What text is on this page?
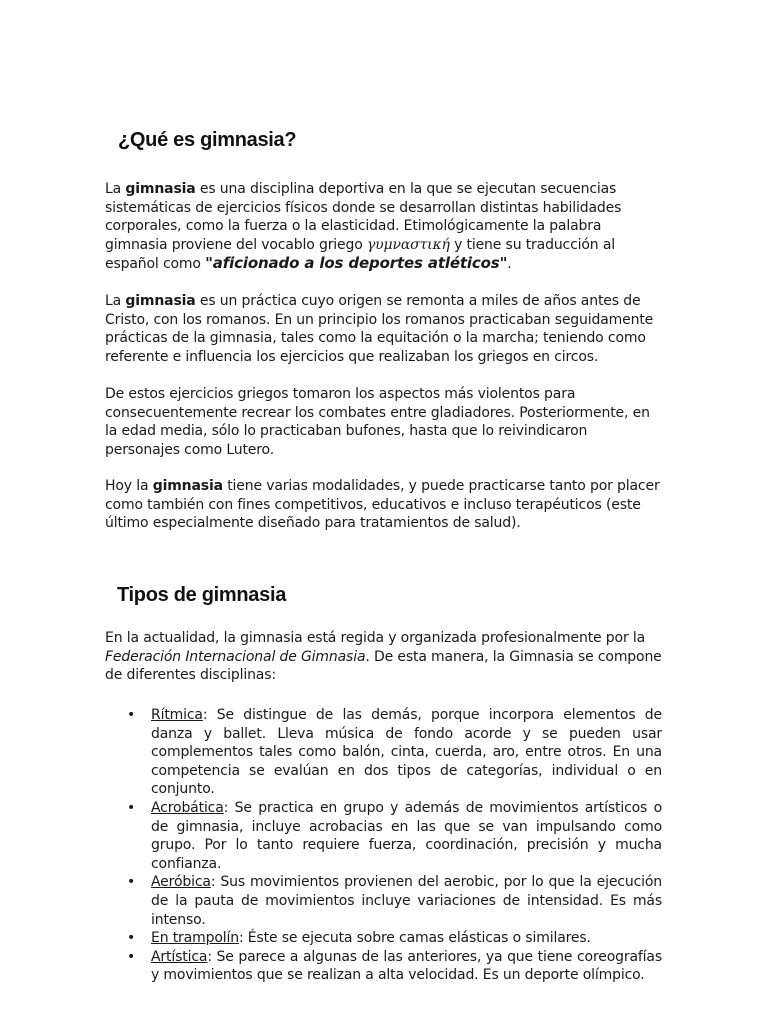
¿Qué es gimnasia?

La gimnasia es una disciplina deportiva en la que se ejecutan secuencias sistemáticas de ejercicios físicos donde se desarrollan distintas habilidades corporales, como la fuerza o la elasticidad. Etimológicamente la palabra gimnasia proviene del vocablo griego γυμναστική y tiene su traducción al español como "aficionado a los deportes atléticos".

La gimnasia es un práctica cuyo origen se remonta a miles de años antes de Cristo, con los romanos. En un principio los romanos practicaban seguidamente prácticas de la gimnasia, tales como la equitación o la marcha; teniendo como referente e influencia los ejercicios que realizaban los griegos en circos.

De estos ejercicios griegos tomaron los aspectos más violentos para consecuentemente recrear los combates entre gladiadores. Posteriormente, en la edad media, sólo lo practicaban bufones, hasta que lo reivindicaron personajes como Lutero.

Hoy la gimnasia tiene varias modalidades, y puede practicarse tanto por placer como también con fines competitivos, educativos e incluso terapéuticos (este último especialmente diseñado para tratamientos de salud).

Tipos de gimnasia

En la actualidad, la gimnasia está regida y organizada profesionalmente por la Federación Internacional de Gimnasia. De esta manera, la Gimnasia se compone de diferentes disciplinas:

• Rítmica: Se distingue de las demás, porque incorpora elementos de danza y ballet. Lleva música de fondo acorde y se pueden usar complementos tales como balón, cinta, cuerda, aro, entre otros. En una competencia se evalúan en dos tipos de categorías, individual o en conjunto.
• Acrobática: Se practica en grupo y además de movimientos artísticos o de gimnasia, incluye acrobacias en las que se van impulsando como grupo. Por lo tanto requiere fuerza, coordinación, precisión y mucha confianza.
• Aeróbica: Sus movimientos provienen del aerobic, por lo que la ejecución de la pauta de movimientos incluye variaciones de intensidad. Es más intenso.
• En trampolín: Éste se ejecuta sobre camas elásticas o similares.
• Artística: Se parece a algunas de las anteriores, ya que tiene coreografías y movimientos que se realizan a alta velocidad. Es un deporte olímpico.
